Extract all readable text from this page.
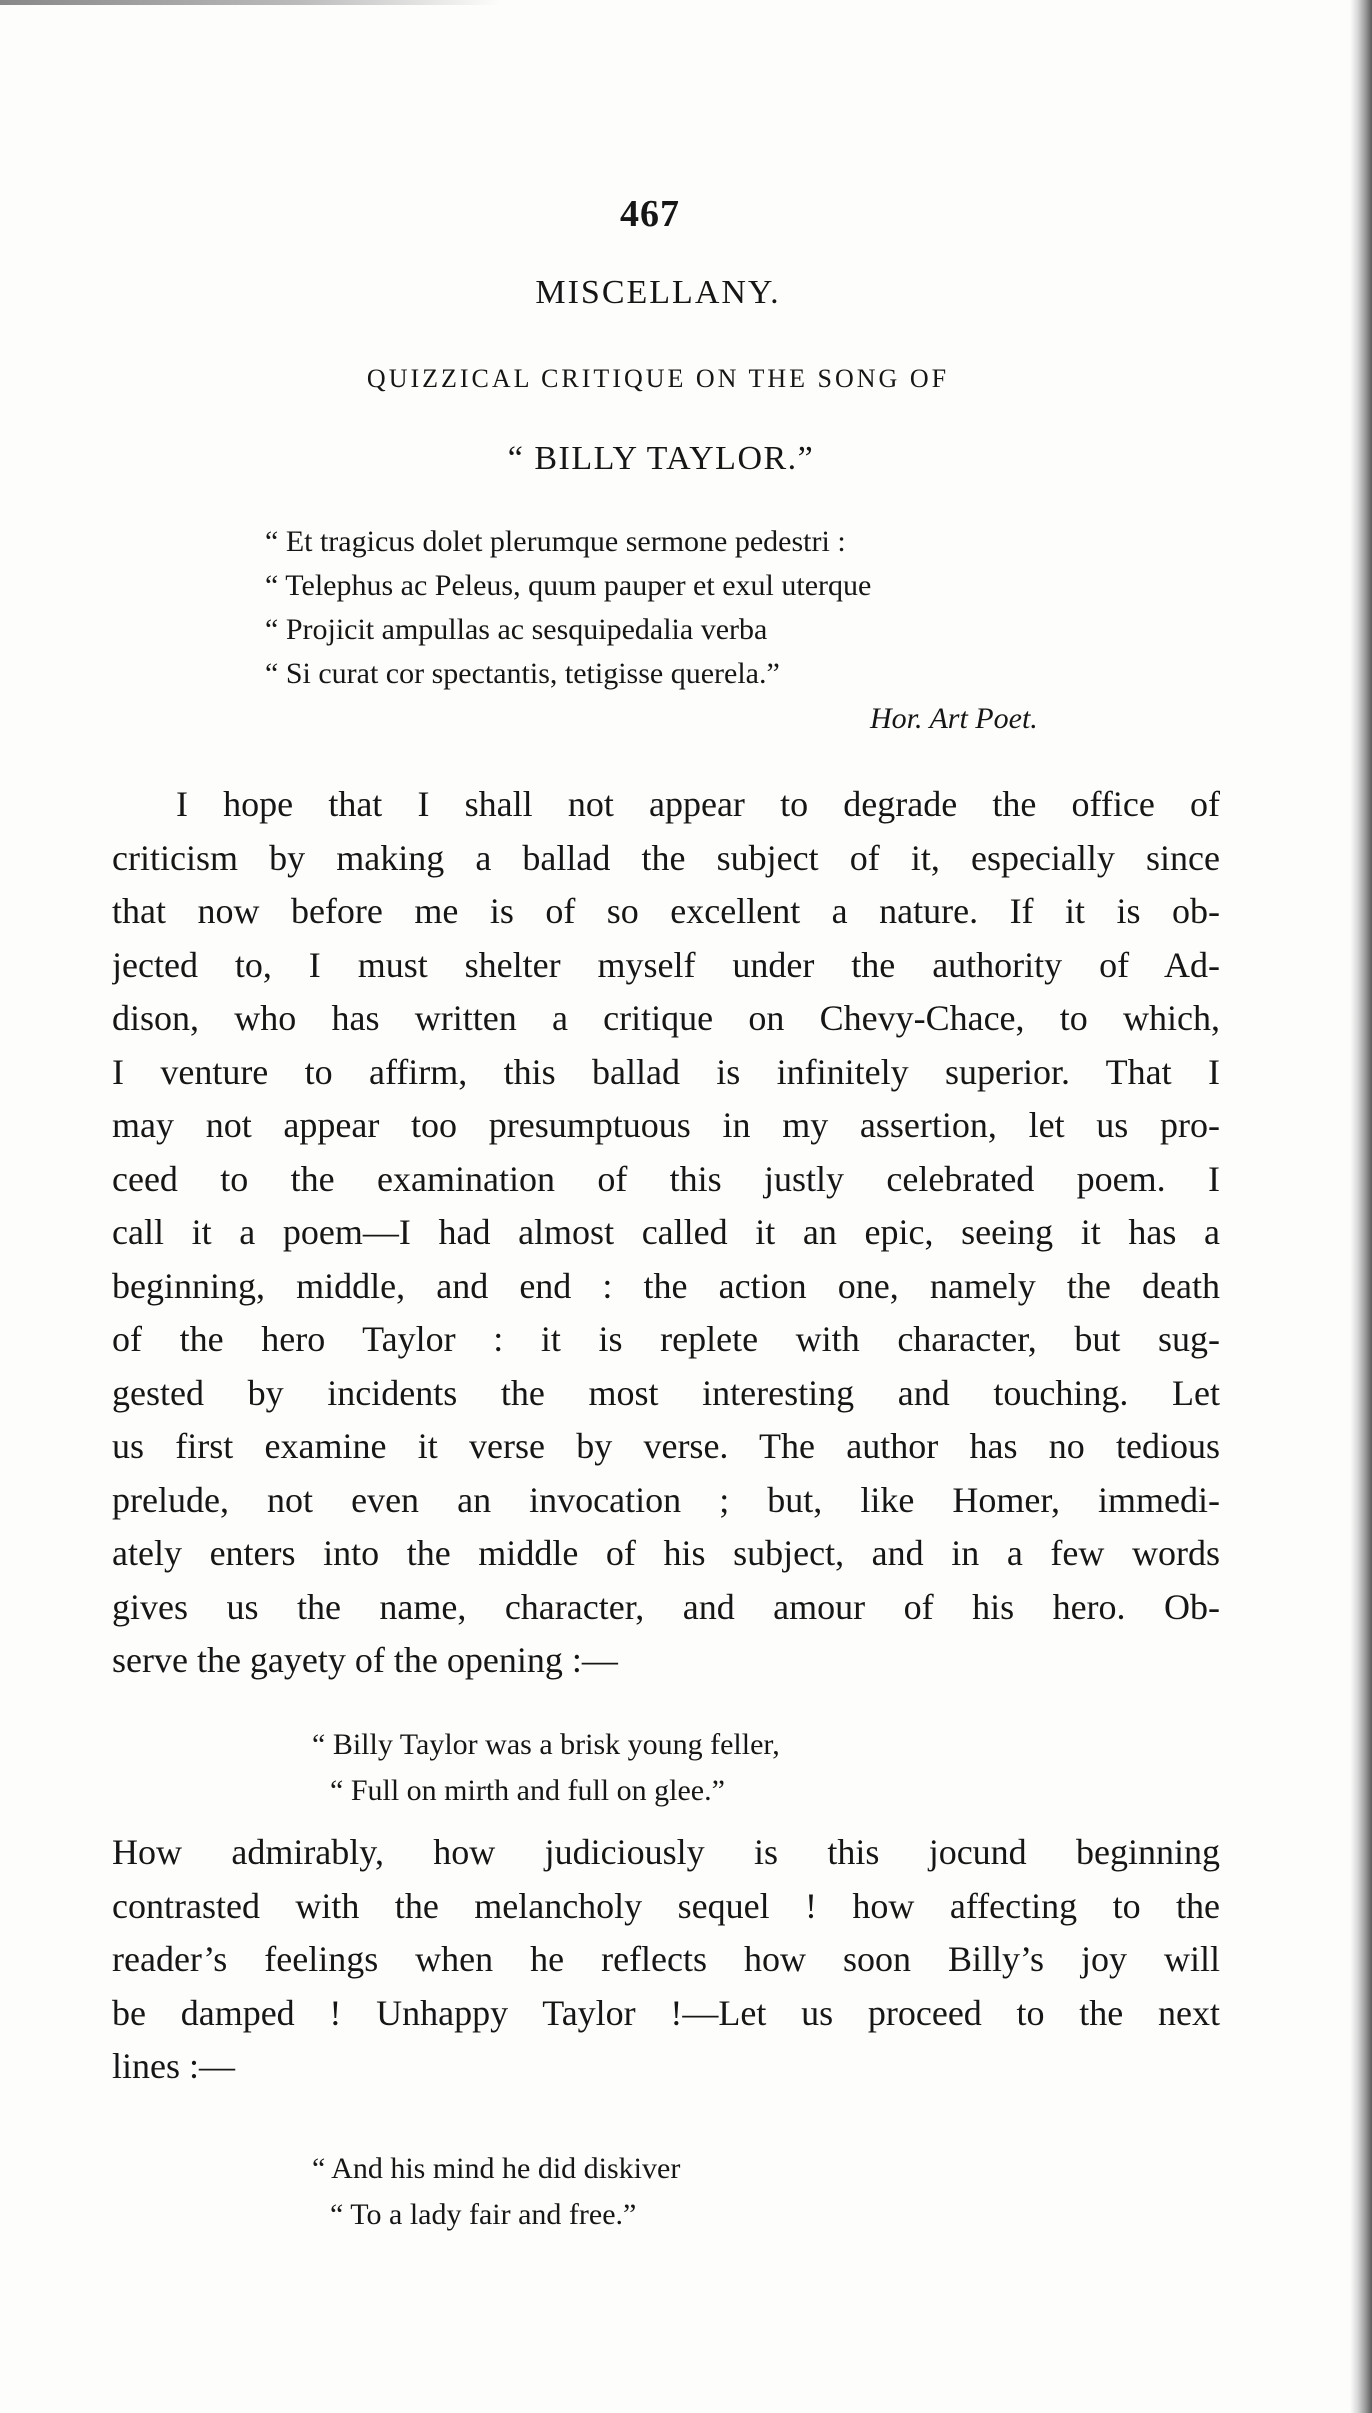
467
MISCELLANY.
QUIZZICAL CRITIQUE ON THE SONG OF
“ BILLY TAYLOR.”
“ Et tragicus dolet plerumque sermone pedestri :
“ Telephus ac Peleus, quum pauper et exul uterque
“ Projicit ampullas ac sesquipedalia verba
“ Si curat cor spectantis, tetigisse querela.”
Hor. Art Poet.
I hope that I shall not appear to degrade the office of
criticism by making a ballad the subject of it, especially since
that now before me is of so excellent a nature. If it is ob-
jected to, I must shelter myself under the authority of Ad-
dison, who has written a critique on Chevy-Chace, to which,
I venture to affirm, this ballad is infinitely superior. That I
may not appear too presumptuous in my assertion, let us pro-
ceed to the examination of this justly celebrated poem. I
call it a poem—I had almost called it an epic, seeing it has a
beginning, middle, and end : the action one, namely the death
of the hero Taylor : it is replete with character, but sug-
gested by incidents the most interesting and touching. Let
us first examine it verse by verse. The author has no tedious
prelude, not even an invocation ; but, like Homer, immedi-
ately enters into the middle of his subject, and in a few words
gives us the name, character, and amour of his hero. Ob-
serve the gayety of the opening :—
“ Billy Taylor was a brisk young feller,
“ Full on mirth and full on glee.”
How admirably, how judiciously is this jocund beginning
contrasted with the melancholy sequel ! how affecting to the
reader’s feelings when he reflects how soon Billy’s joy will
be damped ! Unhappy Taylor !—Let us proceed to the next
lines :—
“ And his mind he did diskiver
“ To a lady fair and free.”
